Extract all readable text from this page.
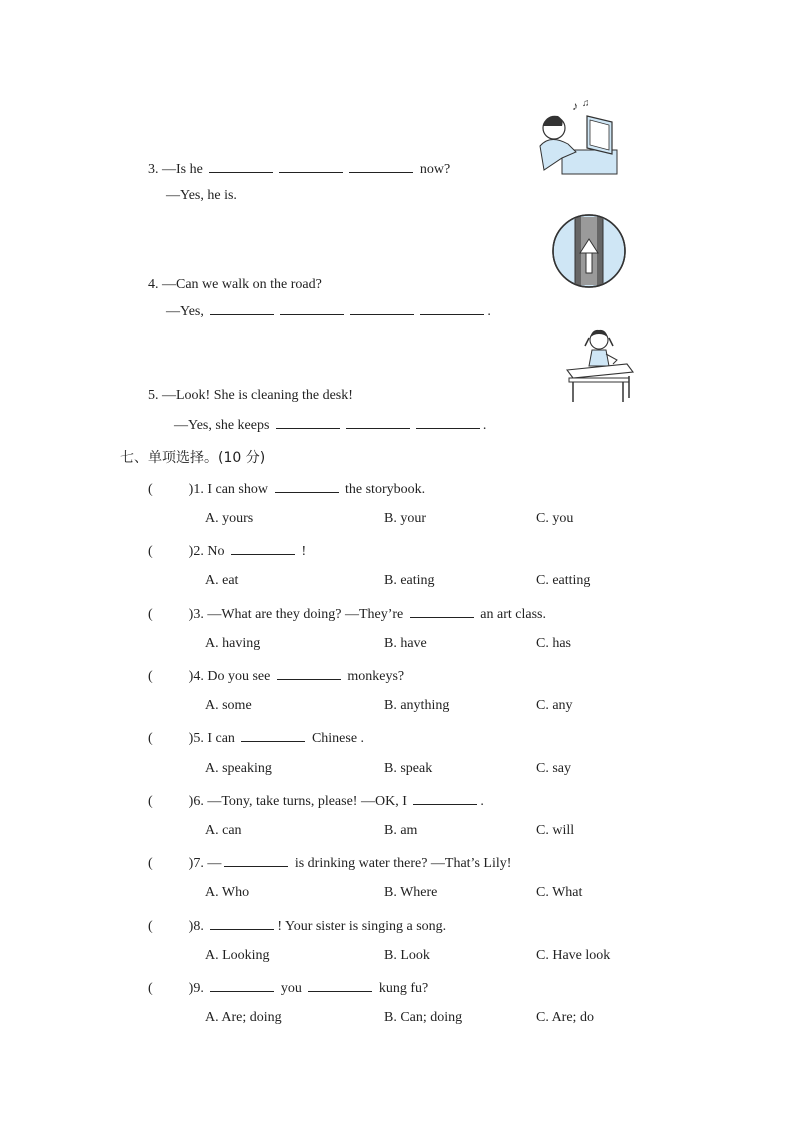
♪ ♫
3. —Is he	now?
—Yes, he is.
4. —Can we walk on the road?
—Yes,	.
5. —Look! She is cleaning the desk!
—Yes, she keeps	.
七、单项选择。(10 分)
(	)1. I can show	the storybook.
A. yours	B. your	C. you
(	)2. No	!
A. eat	B. eating	C. eatting
(	)3. —What are they doing? —They’re	an art class.
A. having	B. have	C. has
(	)4. Do you see	monkeys?
A. some	B. anything	C. any
(	)5. I can	Chinese .
A. speaking	B. speak	C. say
(	)6. —Tony, take turns, please! —OK, I	.
A. can	B. am	C. will
(	)7. —	is drinking water there? —That’s Lily!
A. Who	B. Where	C. What
(	)8.	! Your sister is singing a song.
A. Looking	B. Look	C. Have look
(	)9.	you	kung fu?
A. Are; doing	B. Can; doing	C. Are; do
